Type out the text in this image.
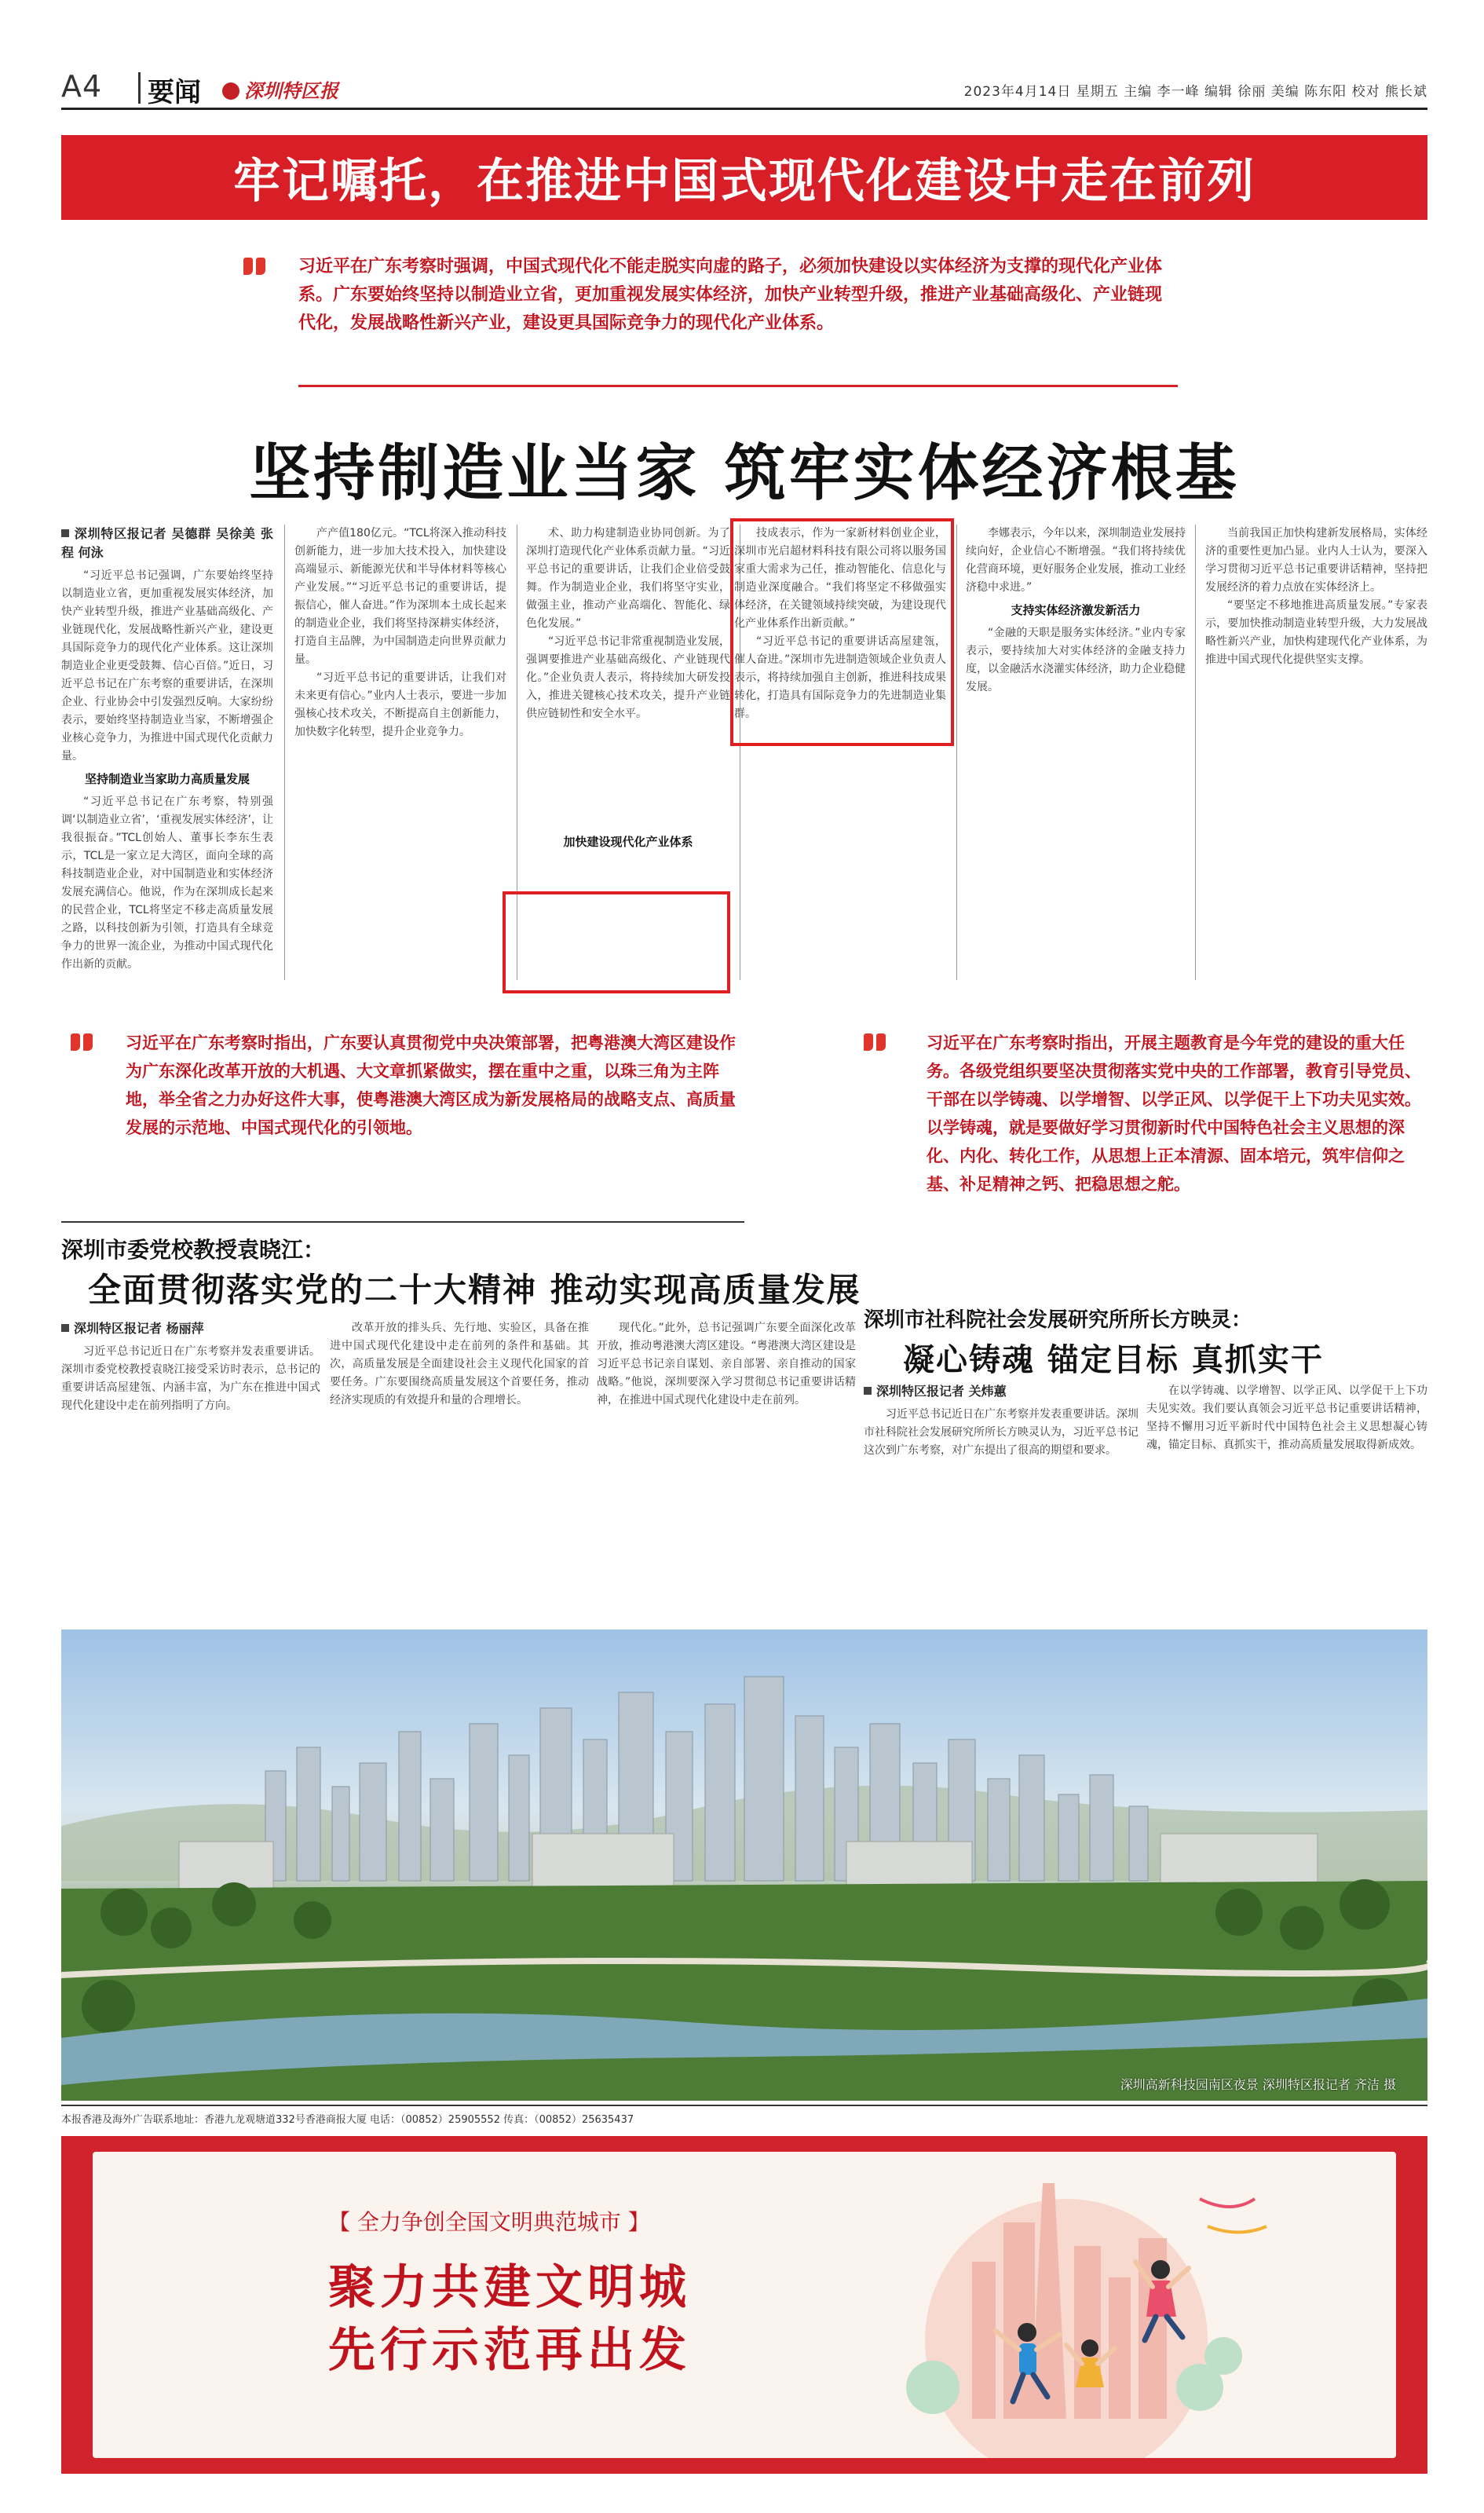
A4 要闻	深圳特区报	2023年4月14日 星期五 主编 李一峰 编辑 徐丽 美编 陈东阳 校对 熊长斌
牢记嘱托，在推进中国式现代化建设中走在前列
习近平在广东考察时强调，中国式现代化不能走脱实向虚的路子，必须加快建设以实体经济为支撑的现代化产业体系。广东要始终坚持以制造业立省，更加重视发展实体经济，加快产业转型升级，推进产业基础高级化、产业链现代化，发展战略性新兴产业，建设更具国际竞争力的现代化产业体系。
坚持制造业当家 筑牢实体经济根基
深圳特区报记者 吴德群 吴徐美 张程 何泳

“习近平总书记强调，广东要始终坚持以制造业立省，更加重视发展实体经济，加快产业转型升级，推进产业基础高级化、产业链现代化，发展战略性新兴产业，建设更具国际竞争力的现代化产业体系。这让深圳制造业企业更受鼓舞、信心百倍。”近日，习近平总书记在广东考察的重要讲话，在深圳企业、行业协会中引发强烈反响。大家纷纷表示，要始终坚持制造业当家，不断增强企业核心竞争力，为推进中国式现代化贡献力量。

坚持制造业当家助力高质量发展

“习近平总书记在广东考察，特别强调‘以制造业立省’，‘重视发展实体经济’，让我很振奋。”TCL创始人、董事长李东生表示，TCL是一家立足大湾区，面向全球的高科技制造业企业，对中国制造业和实体经济发展充满信心。他说，作为在深圳成长起来的民营企业，TCL将坚定不移走高质量发展之路，以科技创新为引领，打造具有全球竞争力的世界一流企业，为推动中国式现代化作出新的贡献。

产产值180亿元。“TCL将深入推动科技创新能力，进一步加大技术投入，加快建设高端显示、新能源光伏和半导体材料等核心产业发展。”“习近平总书记的重要讲话，提振信心，催人奋进。”作为深圳本土成长起来的制造业企业，我们将坚持深耕实体经济，打造自主品牌，为中国制造走向世界贡献力量。

“习近平总书记的重要讲话，让我们对未来更有信心。”业内人士表示，要进一步加强核心技术攻关，不断提高自主创新能力，加快数字化转型，提升企业竞争力。

术、助力构建制造业协同创新。为了深圳打造现代化产业体系贡献力量。“习近平总书记的重要讲话，让我们企业倍受鼓舞。作为制造业企业，我们将坚守实业，做强主业，推动产业高端化、智能化、绿色化发展。”

“习近平总书记非常重视制造业发展，强调要推进产业基础高级化、产业链现代化。”企业负责人表示，将持续加大研发投入，推进关键核心技术攻关，提升产业链供应链韧性和安全水平。

加快建设现代化产业体系

技成表示，作为一家新材料创业企业，深圳市光启超材料科技有限公司将以服务国家重大需求为己任，推动智能化、信息化与制造业深度融合。“我们将坚定不移做强实体经济，在关键领域持续突破，为建设现代化产业体系作出新贡献。”

“习近平总书记的重要讲话高屋建瓴，催人奋进。”深圳市先进制造领域企业负责人表示，将持续加强自主创新，推进科技成果转化，打造具有国际竞争力的先进制造业集群。

李娜表示，今年以来，深圳制造业发展持续向好，企业信心不断增强。“我们将持续优化营商环境，更好服务企业发展，推动工业经济稳中求进。”

支持实体经济激发新活力

“金融的天职是服务实体经济。”业内专家表示，要持续加大对实体经济的金融支持力度，以金融活水浇灌实体经济，助力企业稳健发展。

当前我国正加快构建新发展格局，实体经济的重要性更加凸显。业内人士认为，要深入学习贯彻习近平总书记重要讲话精神，坚持把发展经济的着力点放在实体经济上。

“要坚定不移地推进高质量发展。”专家表示，要加快推动制造业转型升级，大力发展战略性新兴产业，加快构建现代化产业体系，为推进中国式现代化提供坚实支撑。

习近平在广东考察时指出，广东要认真贯彻党中央决策部署，把粤港澳大湾区建设作为广东深化改革开放的大机遇、大文章抓紧做实，摆在重中之重，以珠三角为主阵地，举全省之力办好这件大事，使粤港澳大湾区成为新发展格局的战略支点、高质量发展的示范地、中国式现代化的引领地。
习近平在广东考察时指出，开展主题教育是今年党的建设的重大任务。各级党组织要坚决贯彻落实党中央的工作部署，教育引导党员、干部在以学铸魂、以学增智、以学正风、以学促干上下功夫见实效。以学铸魂，就是要做好学习贯彻新时代中国特色社会主义思想的深化、内化、转化工作，从思想上正本清源、固本培元，筑牢信仰之基、补足精神之钙、把稳思想之舵。
深圳市委党校教授袁晓江：
全面贯彻落实党的二十大精神 推动实现高质量发展
深圳特区报记者 杨丽萍

习近平总书记近日在广东考察并发表重要讲话。深圳市委党校教授袁晓江接受采访时表示，总书记的重要讲话高屋建瓴、内涵丰富，为广东在推进中国式现代化建设中走在前列指明了方向。

改革开放的排头兵、先行地、实验区，具备在推进中国式现代化建设中走在前列的条件和基础。其次，高质量发展是全面建设社会主义现代化国家的首要任务。广东要围绕高质量发展这个首要任务，推动经济实现质的有效提升和量的合理增长。

现代化。”此外，总书记强调广东要全面深化改革开放，推动粤港澳大湾区建设。“粤港澳大湾区建设是习近平总书记亲自谋划、亲自部署、亲自推动的国家战略。”他说，深圳要深入学习贯彻总书记重要讲话精神，在推进中国式现代化建设中走在前列。

深圳市社科院社会发展研究所所长方映灵：
凝心铸魂 锚定目标 真抓实干
深圳特区报记者 关炜蕙

习近平总书记近日在广东考察并发表重要讲话。深圳市社科院社会发展研究所所长方映灵认为，习近平总书记这次到广东考察，对广东提出了很高的期望和要求。

在以学铸魂、以学增智、以学正风、以学促干上下功夫见实效。我们要认真领会习近平总书记重要讲话精神，坚持不懈用习近平新时代中国特色社会主义思想凝心铸魂，锚定目标、真抓实干，推动高质量发展取得新成效。

深圳高新科技园南区夜景 深圳特区报记者 齐洁 摄
本报香港及海外广告联系地址：香港九龙观塘道332号香港商报大厦 电话：（00852）25905552 传真：（00852）25635437
【 全力争创全国文明典范城市 】
聚力共建文明城
先行示范再出发
